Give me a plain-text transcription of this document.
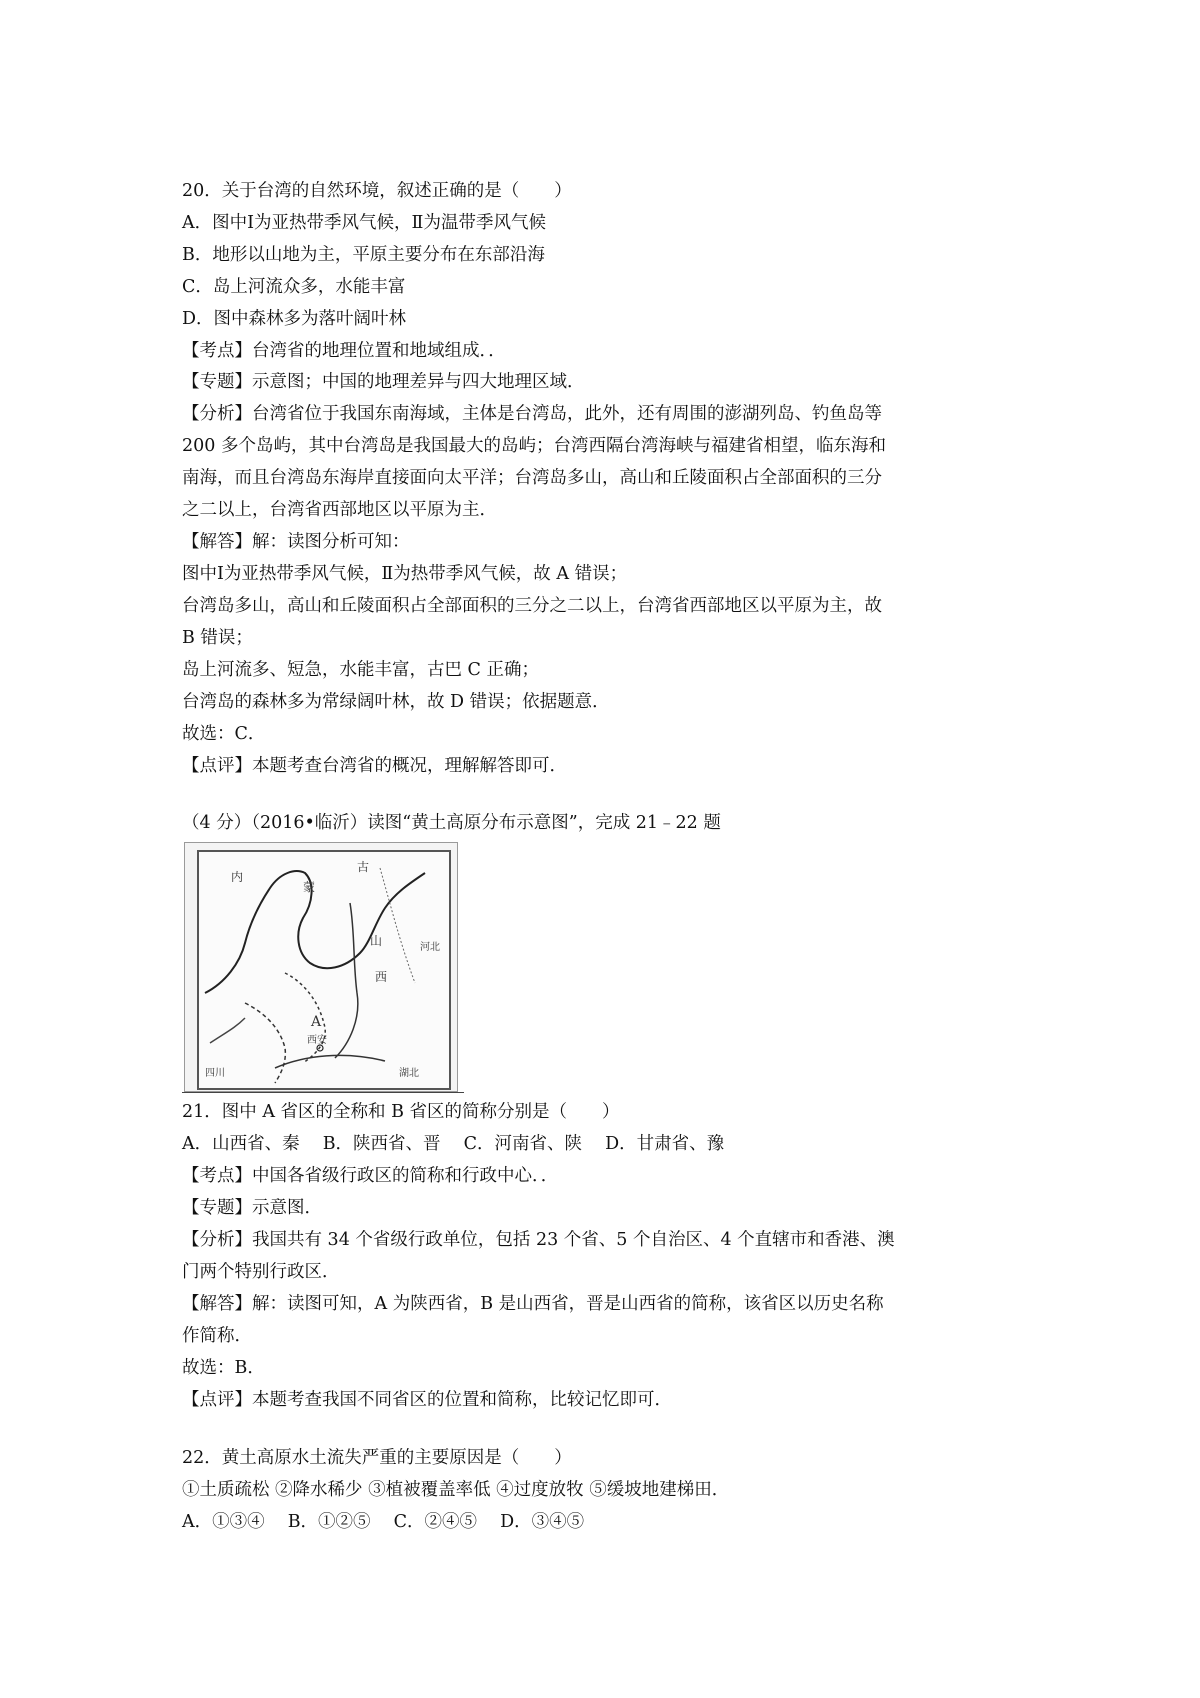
20．关于台湾的自然环境，叙述正确的是（　　）
A．图中Ⅰ为亚热带季风气候，Ⅱ为温带季风气候
B．地形以山地为主，平原主要分布在东部沿海
C．岛上河流众多，水能丰富
D．图中森林多为落叶阔叶林
【考点】台湾省的地理位置和地域组成．．
【专题】示意图；中国的地理差异与四大地理区域．
【分析】台湾省位于我国东南海域，主体是台湾岛，此外，还有周围的澎湖列岛、钓鱼岛等
200 多个岛屿，其中台湾岛是我国最大的岛屿；台湾西隔台湾海峡与福建省相望，临东海和
南海，而且台湾岛东海岸直接面向太平洋；台湾岛多山，高山和丘陵面积占全部面积的三分
之二以上，台湾省西部地区以平原为主．
【解答】解：读图分析可知：
图中Ⅰ为亚热带季风气候，Ⅱ为热带季风气候，故 A 错误；
台湾岛多山，高山和丘陵面积占全部面积的三分之二以上，台湾省西部地区以平原为主，故
B 错误；
岛上河流多、短急，水能丰富，古巴 C 正确；
台湾岛的森林多为常绿阔叶林，故 D 错误；依据题意．
故选：C．
【点评】本题考查台湾省的概况，理解解答即可．
（4 分）（2016•临沂）读图“黄土高原分布示意图”，完成 21﹣22 题
内
蒙
古
山
西
A
西安
四川	湖北
河北
21．图中 A 省区的全称和 B 省区的简称分别是（　　）
A．山西省、秦　 B．陕西省、晋　 C．河南省、陕　 D．甘肃省、豫
【考点】中国各省级行政区的简称和行政中心．．
【专题】示意图．
【分析】我国共有 34 个省级行政单位，包括 23 个省、5 个自治区、4 个直辖市和香港、澳
门两个特别行政区．
【解答】解：读图可知，A 为陕西省，B 是山西省，晋是山西省的简称，该省区以历史名称
作简称．
故选：B．
【点评】本题考查我国不同省区的位置和简称，比较记忆即可．
22．黄土高原水土流失严重的主要原因是（　　）
①土质疏松 ②降水稀少 ③植被覆盖率低 ④过度放牧 ⑤缓坡地建梯田．
A．①③④　 B．①②⑤　 C．②④⑤　 D．③④⑤
